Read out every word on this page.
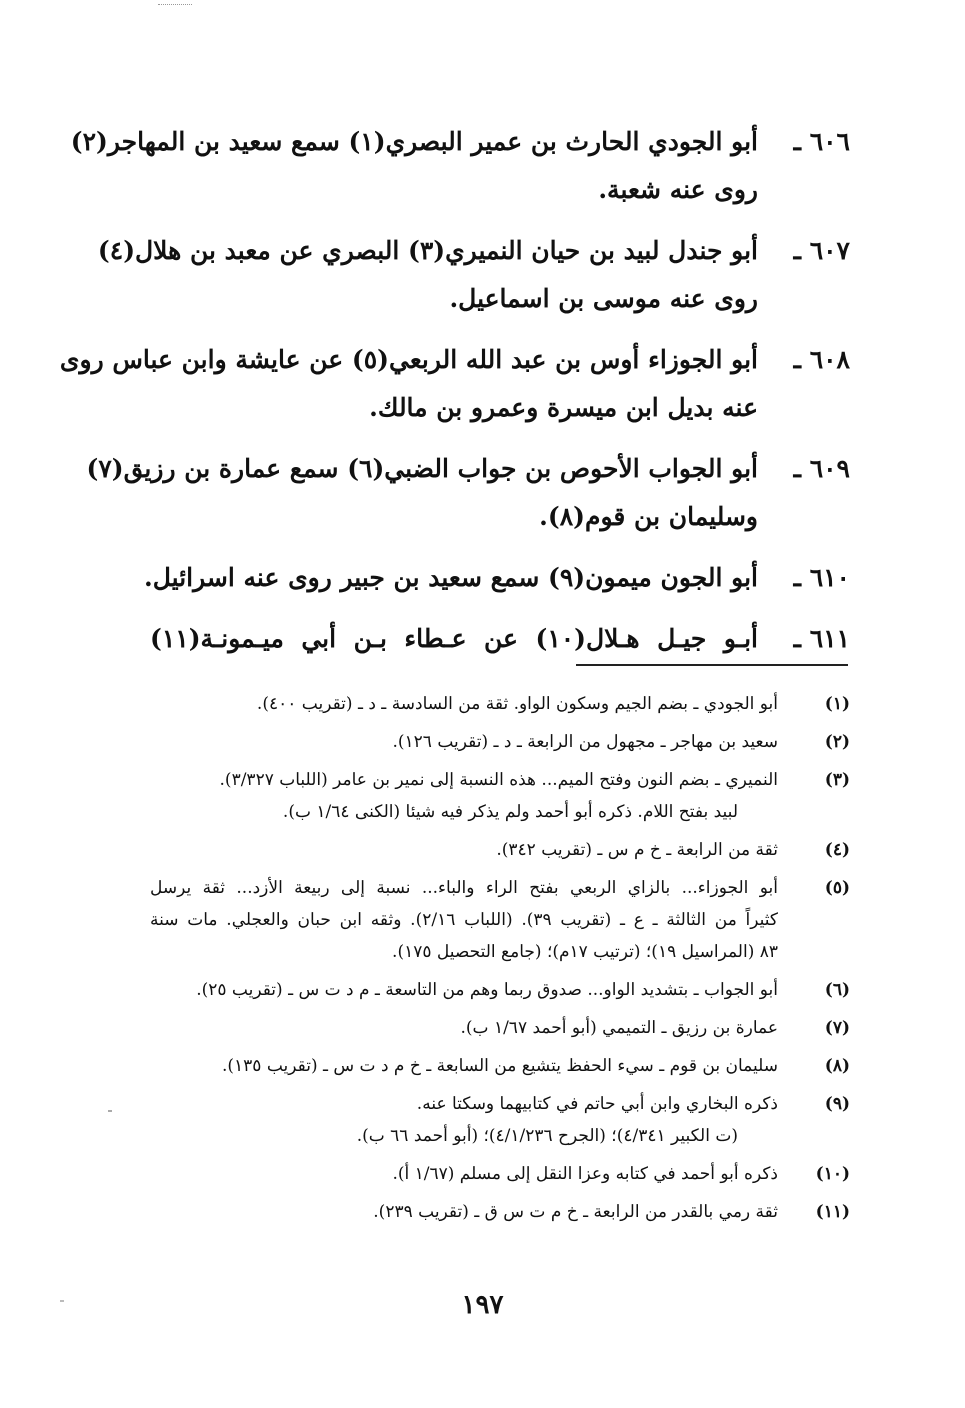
٦٠٦ ـ
أبو الجودي الحارث بن عمير البصري(١) سمع سعيد بن المهاجر(٢)
روى عنه شعبة.
٦٠٧ ـ
أبو جندل لبيد بن حيان النميري(٣) البصري عن معبد بن هلال(٤)
روى عنه موسى بن اسماعيل.
٦٠٨ ـ
أبو الجوزاء أوس بن عبد الله الربعي(٥) عن عايشة وابن عباس روى
عنه بديل ابن ميسرة وعمرو بن مالك.
٦٠٩ ـ
أبو الجواب الأحوص بن جواب الضبي(٦) سمع عمارة بن رزيق(٧)
وسليمان بن قوم(٨).
٦١٠ ـ
أبو الجون ميمون(٩) سمع سعيد بن جبير روى عنه اسرائيل.
٦١١ ـ
أبـو جيـل هـلال(١٠) عن عـطاء بـن أبي ميـمونـة(١١)
(١)
أبو الجودي ـ بضم الجيم وسكون الواو. ثقة من السادسة ـ د ـ (تقريب ٤٠٠).
(٢)
سعيد بن مهاجر ـ مجهول من الرابعة ـ د ـ (تقريب ١٢٦).
(٣)
النميري ـ بضم النون وفتح الميم... هذه النسبة إلى نمير بن عامر (اللباب ٣/٣٢٧).
لبيد بفتح اللام. ذكره أبو أحمد ولم يذكر فيه شيئا (الكنى ١/٦٤ ب).
(٤)
ثقة من الرابعة ـ خ م س ـ (تقريب ٣٤٢).
(٥)
أبو الجوزاء... بالزاي الربعي بفتح الراء والباء... نسبة إلى ربيعة الأزد... ثقة يرسل
كثيراً من الثالثة ـ ع ـ (تقريب ٣٩). (اللباب ٢/١٦). وثقه ابن حبان والعجلي. مات سنة
٨٣ (المراسيل ١٩)؛ (ترتيب ١٧م)؛ (جامع التحصيل ١٧٥).
(٦)
أبو الجواب ـ بتشديد الواو... صدوق ربما وهم من التاسعة ـ م د ت س ـ (تقريب ٢٥).
(٧)
عمارة بن رزيق ـ التميمي (أبو أحمد ١/٦٧ ب).
(٨)
سليمان بن قوم ـ سيء الحفظ يتشيع من السابعة ـ خ م د ت س ـ (تقريب ١٣٥).
(٩)
ذكره البخاري وابن أبي حاتم في كتابيهما وسكتا عنه.
(ت الكبير ٤/٣٤١)؛ (الجرح ٤/١/٢٣٦)؛ (أبو أحمد ٦٦ ب).
(١٠)
ذكره أبو أحمد في كتابه وعزا النقل إلى مسلم (١/٦٧ أ).
(١١)
ثقة رمي بالقدر من الرابعة ـ خ م ت س ق ـ (تقريب ٢٣٩).
١٩٧
